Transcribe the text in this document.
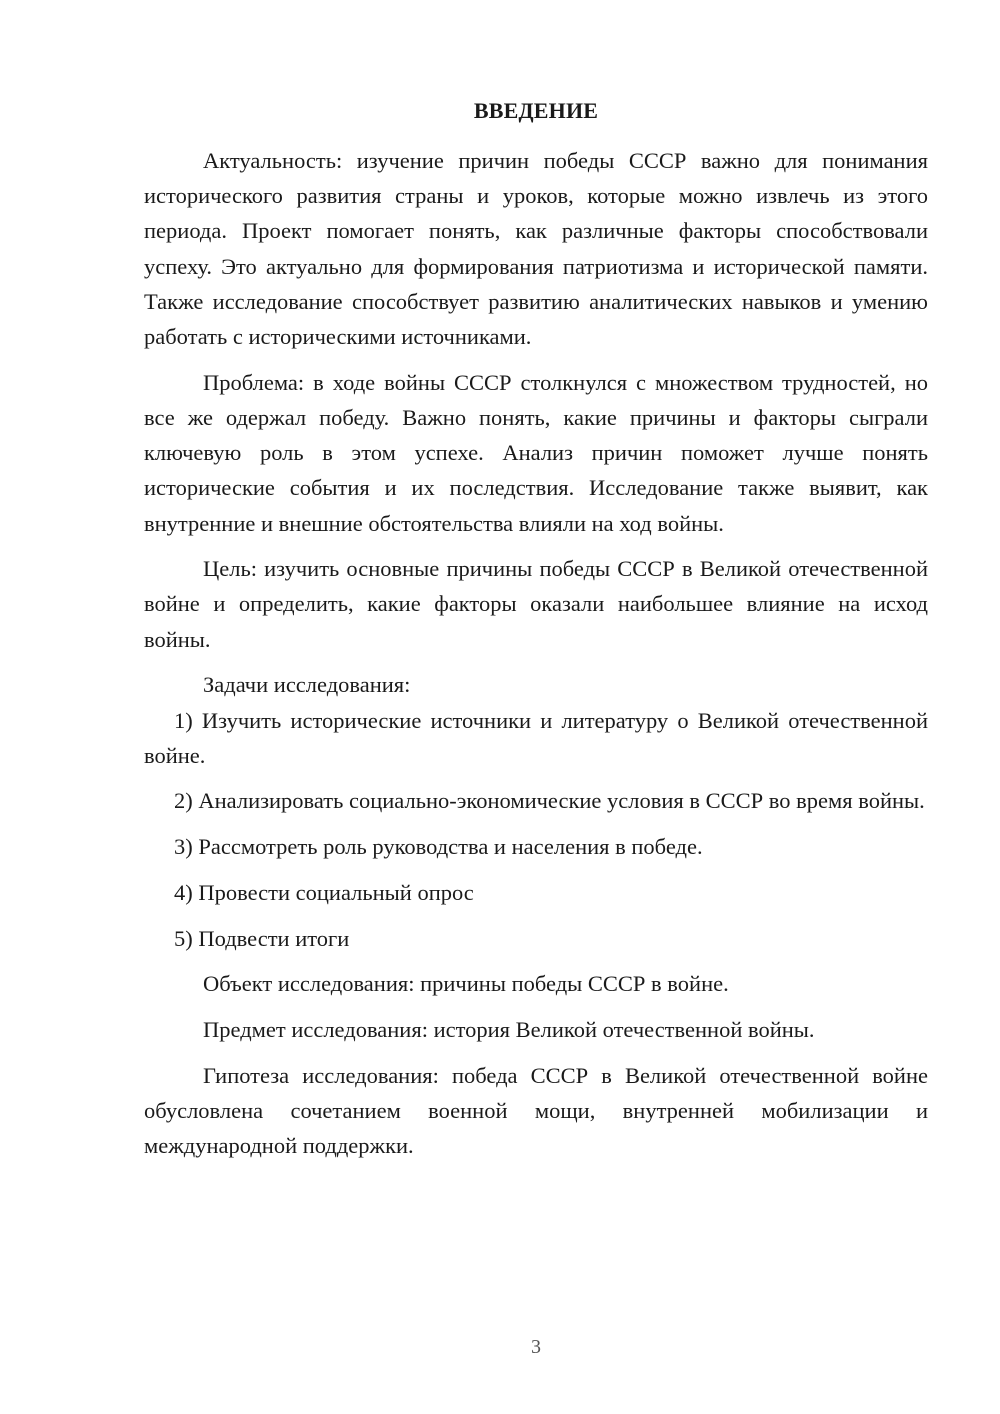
ВВЕДЕНИЕ

Актуальность: изучение причин победы СССР важно для понимания исторического развития страны и уроков, которые можно извлечь из этого периода. Проект помогает понять, как различные факторы способствовали успеху. Это актуально для формирования патриотизма и исторической памяти. Также исследование способствует развитию аналитических навыков и умению работать с историческими источниками.

Проблема: в ходе войны СССР столкнулся с множеством трудностей, но все же одержал победу. Важно понять, какие причины и факторы сыграли ключевую роль в этом успехе. Анализ причин поможет лучше понять исторические события и их последствия. Исследование также выявит, как внутренние и внешние обстоятельства влияли на ход войны.

Цель: изучить основные причины победы СССР в Великой отечественной войне и определить, какие факторы оказали наибольшее влияние на исход войны.

Задачи исследования:

1) Изучить исторические источники и литературу о Великой отечественной войне.

2) Анализировать социально-экономические условия в СССР во время войны.

3) Рассмотреть роль руководства и населения в победе.

4) Провести социальный опрос

5) Подвести итоги

Объект исследования: причины победы СССР в войне.

Предмет исследования: история Великой отечественной войны.

Гипотеза исследования: победа СССР в Великой отечественной войне обусловлена сочетанием военной мощи, внутренней мобилизации и международной поддержки.

3
